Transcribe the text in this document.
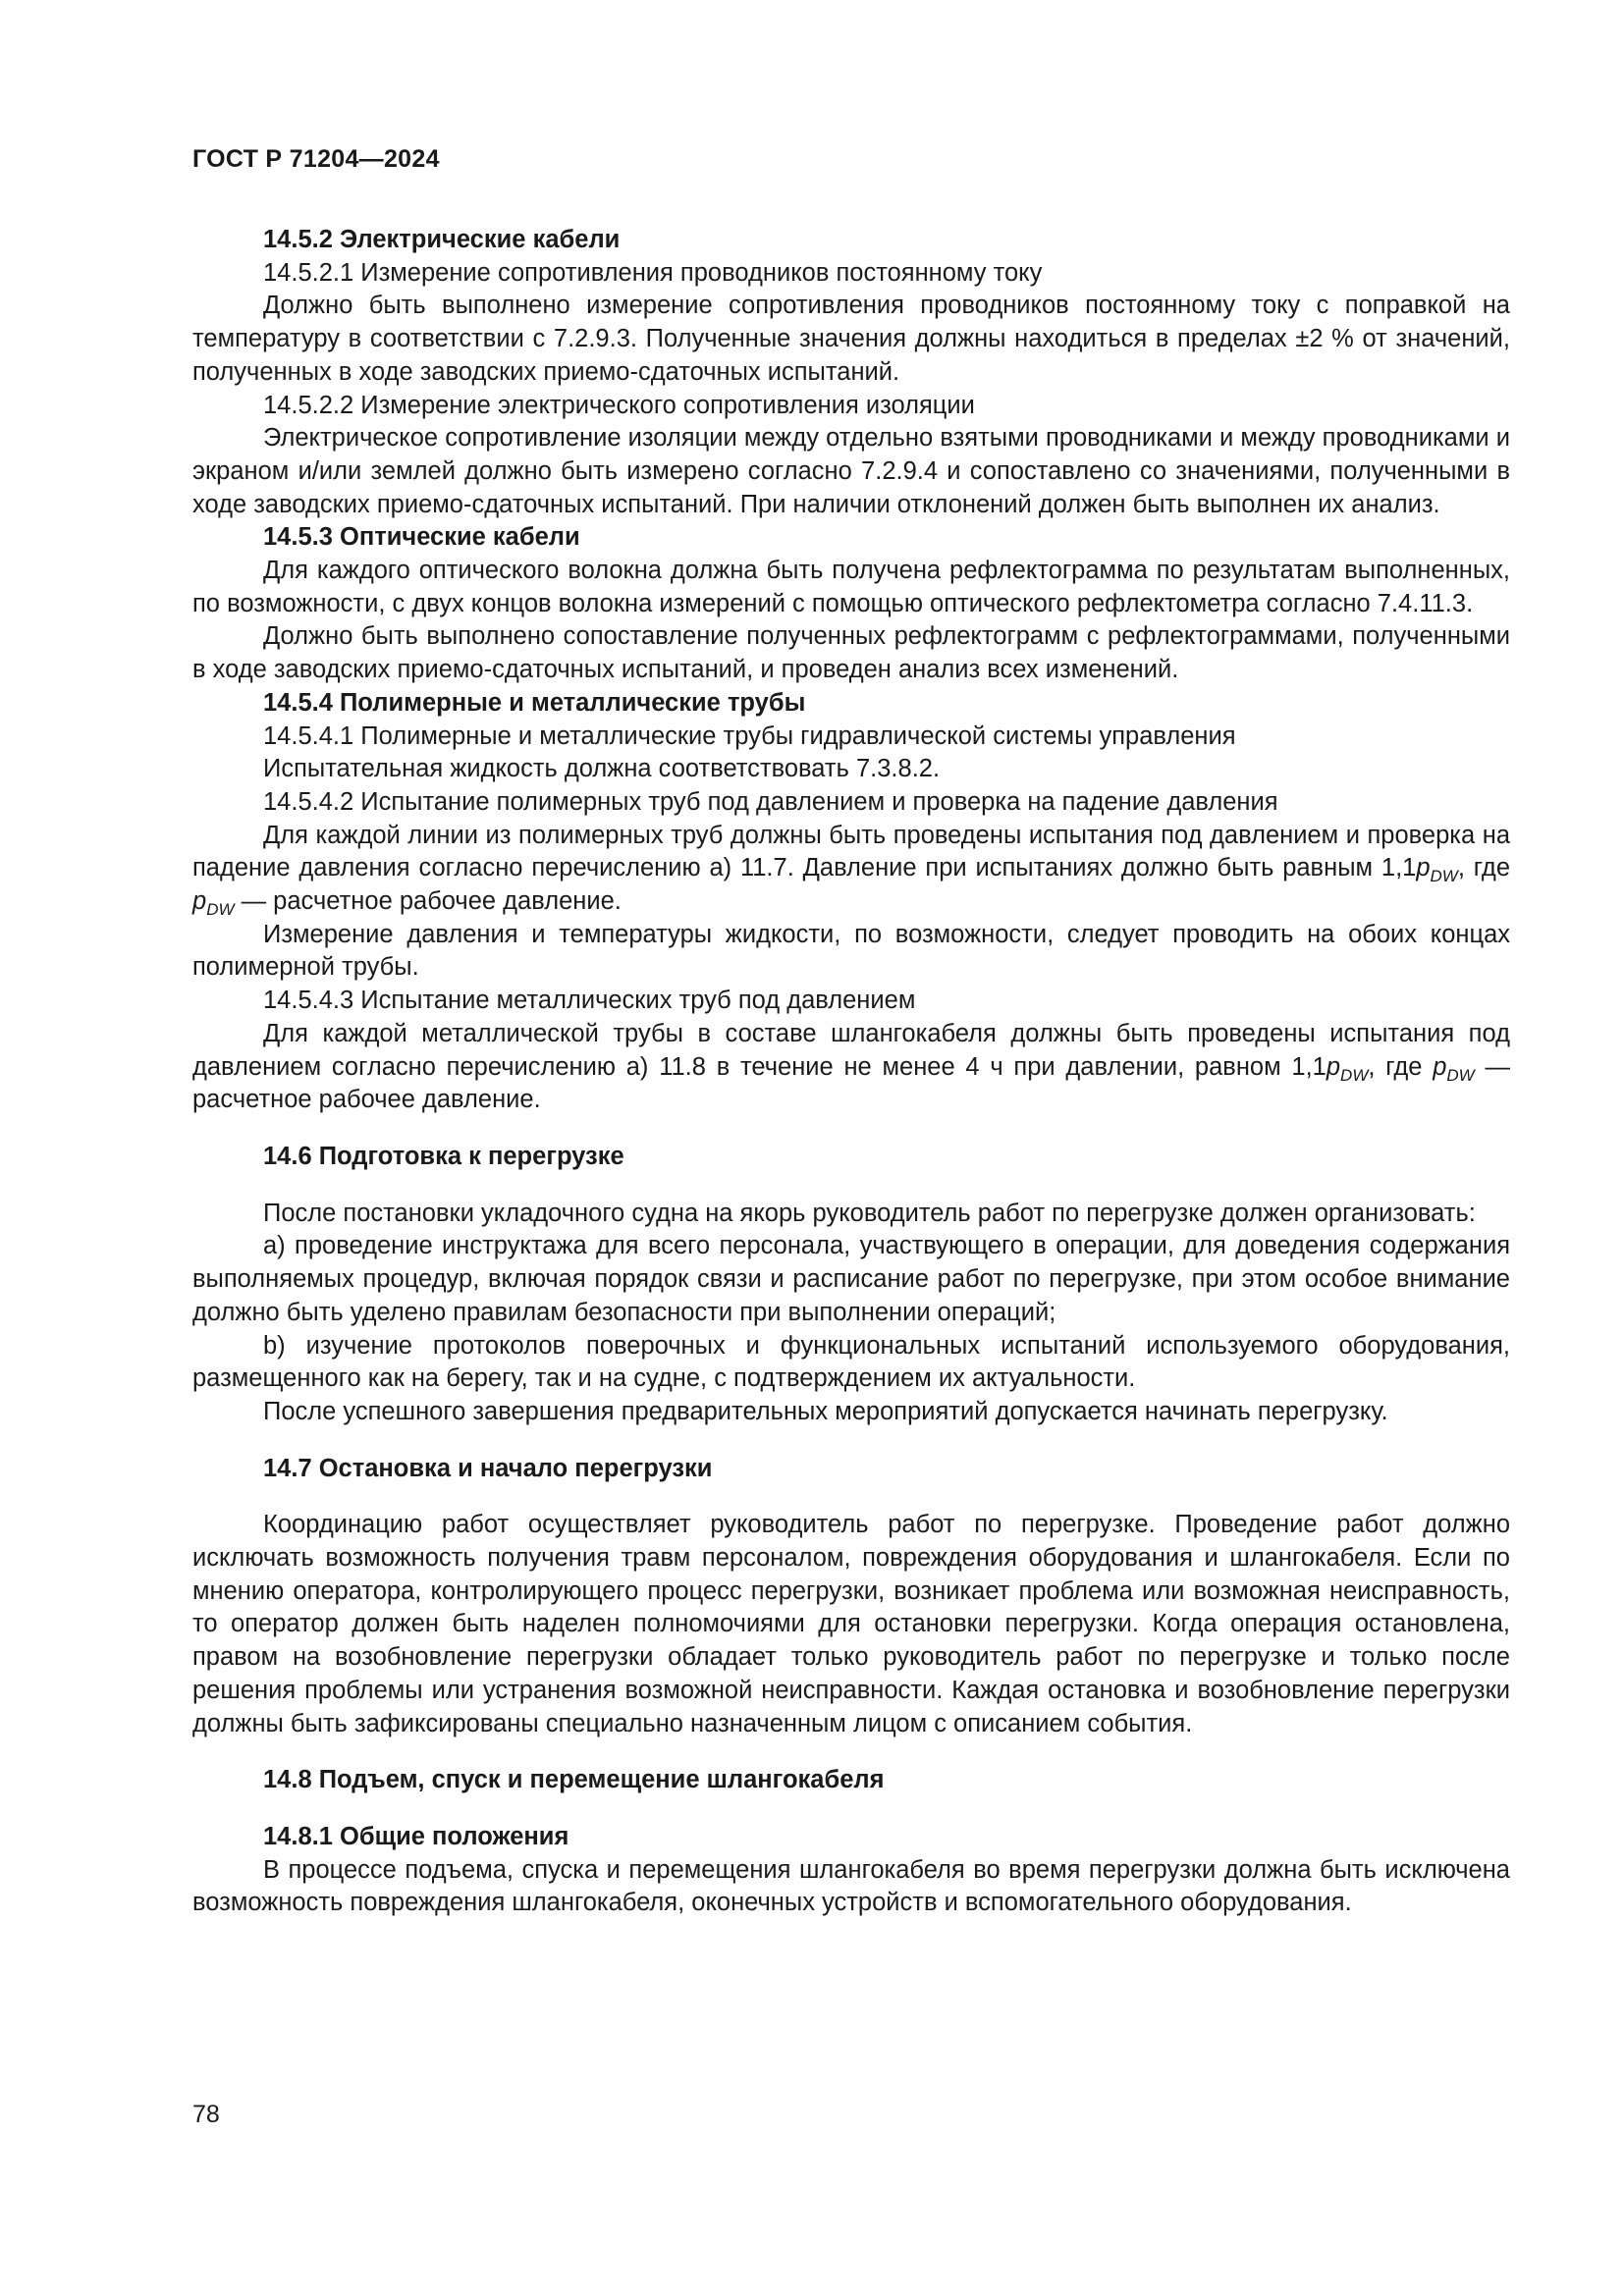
ГОСТ Р 71204—2024

14.5.2 Электрические кабели

14.5.2.1 Измерение сопротивления проводников постоянному току

Должно быть выполнено измерение сопротивления проводников постоянному току с поправкой на температуру в соответствии с 7.2.9.3. Полученные значения должны находиться в пределах ±2 % от значений, полученных в ходе заводских приемо-сдаточных испытаний.

14.5.2.2 Измерение электрического сопротивления изоляции

Электрическое сопротивление изоляции между отдельно взятыми проводниками и между проводниками и экраном и/или землей должно быть измерено согласно 7.2.9.4 и сопоставлено со значениями, полученными в ходе заводских приемо-сдаточных испытаний. При наличии отклонений должен быть выполнен их анализ.

14.5.3 Оптические кабели

Для каждого оптического волокна должна быть получена рефлектограмма по результатам выполненных, по возможности, с двух концов волокна измерений с помощью оптического рефлектометра согласно 7.4.11.3.

Должно быть выполнено сопоставление полученных рефлектограмм с рефлектограммами, полученными в ходе заводских приемо-сдаточных испытаний, и проведен анализ всех изменений.

14.5.4 Полимерные и металлические трубы

14.5.4.1 Полимерные и металлические трубы гидравлической системы управления

Испытательная жидкость должна соответствовать 7.3.8.2.

14.5.4.2 Испытание полимерных труб под давлением и проверка на падение давления

Для каждой линии из полимерных труб должны быть проведены испытания под давлением и проверка на падение давления согласно перечислению а) 11.7. Давление при испытаниях должно быть равным $1,1p_{DW}$, где $p_{DW}$ — расчетное рабочее давление.

Измерение давления и температуры жидкости, по возможности, следует проводить на обоих концах полимерной трубы.

14.5.4.3 Испытание металлических труб под давлением

Для каждой металлической трубы в составе шлангокабеля должны быть проведены испытания под давлением согласно перечислению а) 11.8 в течение не менее 4 ч при давлении, равном $1,1p_{DW}$, где $p_{DW}$ — расчетное рабочее давление.

14.6 Подготовка к перегрузке

После постановки укладочного судна на якорь руководитель работ по перегрузке должен организовать:

а) проведение инструктажа для всего персонала, участвующего в операции, для доведения содержания выполняемых процедур, включая порядок связи и расписание работ по перегрузке, при этом особое внимание должно быть уделено правилам безопасности при выполнении операций;

b) изучение протоколов поверочных и функциональных испытаний используемого оборудования, размещенного как на берегу, так и на судне, с подтверждением их актуальности.

После успешного завершения предварительных мероприятий допускается начинать перегрузку.

14.7 Остановка и начало перегрузки

Координацию работ осуществляет руководитель работ по перегрузке. Проведение работ должно исключать возможность получения травм персоналом, повреждения оборудования и шлангокабеля. Если по мнению оператора, контролирующего процесс перегрузки, возникает проблема или возможная неисправность, то оператор должен быть наделен полномочиями для остановки перегрузки. Когда операция остановлена, правом на возобновление перегрузки обладает только руководитель работ по перегрузке и только после решения проблемы или устранения возможной неисправности. Каждая остановка и возобновление перегрузки должны быть зафиксированы специально назначенным лицом с описанием события.

14.8 Подъем, спуск и перемещение шлангокабеля

14.8.1 Общие положения

В процессе подъема, спуска и перемещения шлангокабеля во время перегрузки должна быть исключена возможность повреждения шлангокабеля, оконечных устройств и вспомогательного оборудования.

78
